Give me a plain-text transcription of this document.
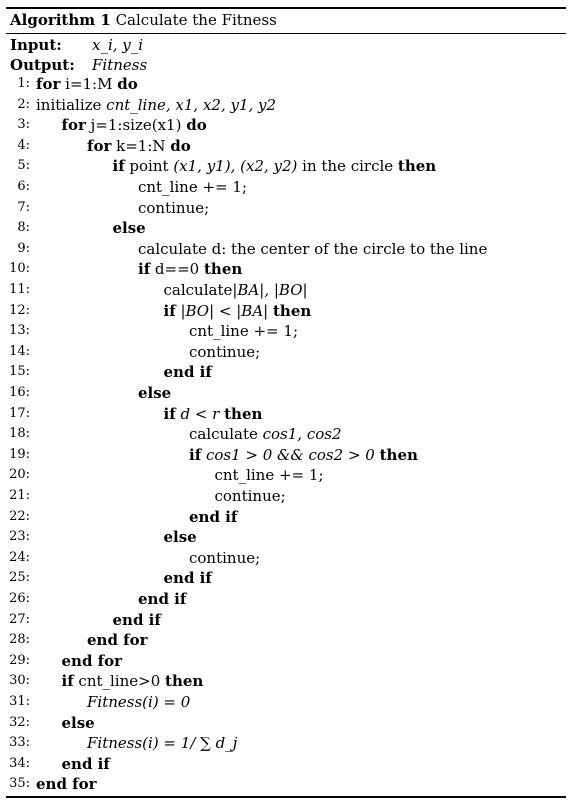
Algorithm 1 Calculate the Fitness
Input: x_i, y_i
Output: Fitness
1: for i=1:M do
2: initialize cnt_line, x1, x2, y1, y2
3: for j=1:size(x1) do
4:	for k=1:N do
5:	if point (x1, y1), (x2, y2) in the circle then
6:	cnt_line += 1;
7:	continue;
8:	else
9:	calculate d: the center of the circle to the line
10:	if d==0 then
11:	calculate|BA|, |BO|
12:	if |BO| < |BA| then
13:	cnt_line += 1;
14:	continue;
15:	end if
16:	else
17:	if d < r then
18:	calculate cos1, cos2
19:	if cos1 > 0 && cos2 > 0 then
20:	cnt_line += 1;
21:	continue;
22:	end if
23:	else
24:	continue;
25:	end if
26:	end if
27:	end if
28:	end for
29: end for
30: if cnt_line>0 then
31:	Fitness(i) = 0
32: else
33:	Fitness(i) = 1/ ∑ d_j
34: end if
35: end for
